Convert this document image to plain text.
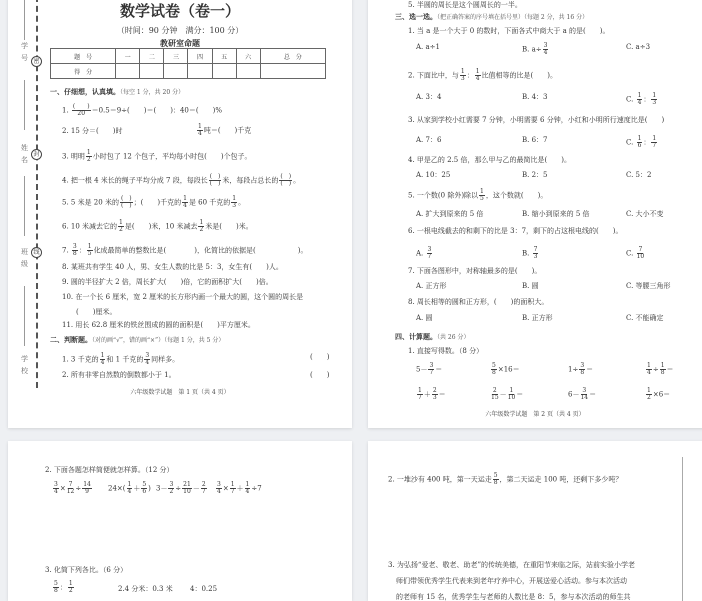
数学试卷（卷一）
（时间：90 分钟　满分：100 分）
教研室命题
学号
姓名
班级
学校
密
封
线
题　号	一	二	三	四	五	六	总　分
得　分							
一、仔细想，认真填。（每空 1 分，共 20 分）
1. $\frac{( )}{20} =0.5=9\div$(　　)＝(　　)：40＝(　　)%
2. 15 分＝(　　)时	$\frac{1}{4}$ 吨＝(　　)千克
3. 明明 $\frac{1}{2}$ 小时包了 12 个包子，平均每小时包(　　)个包子。
4. 把一根 4 米长的绳子平均分成 7 段，每段长 $\frac{( )}{( )}$ 米，每段占总长的 $\frac{( )}{( )}$ 。
5. 5 米是 20 米的 $\frac{( )}{( )}$ ；(　　)千克的 $\frac{1}{4}$ 是 60 千克的 $\frac{1}{3}$ 。
6. 10 米减去它的 $\frac{1}{2}$ 是(　　)米，10 米减去 $\frac{1}{2}$ 米是(　　)米。
7. $\frac{3}{8}$ ： $\frac{1}{5}$ 化成最简单的整数比是(　　　　)，化简比的依据是(　　　　　　)。
8. 某班共有学生 40 人，男、女生人数的比是 5：3，女生有(　　)人。
9. 圆的半径扩大 2 倍，周长扩大(　　)倍，它的面积扩大(　　)倍。
10. 在一个长 6 厘米，宽 2 厘米的长方形内画一个最大的圆，这个圆的周长是
(　　)厘米。
11. 用长 62.8 厘米的铁丝围成的圆的面积是(　　)平方厘米。
二、判断题。（对的画“√”，错的画“×”）（每题 1 分，共 5 分）
1. 3 千克的 $\frac{1}{4}$ 和 1 千克的 $\frac{3}{4}$ 同样多。	(　　)
2. 所有非零自然数的倒数都小于 1。	(　　)
六年级数学试题　第 1 页（共 4 页）
5. 半圆的周长是这个圆周长的一半。
三、选一选。（把正确答案的序号填在括号里）（每题 2 分，共 16 分）
1. 当 a 是一个大于 0 的数时，下面各式中商大于 a 的是(　　)。
A. a÷1	B. $a\div \frac{3}{4}$	C. a÷3
2. 下面比中，与 $\frac{1}{3}$ ： $\frac{1}{4}$ 比值相等的比是(　　)。
A. 3：4	B. 4：3	C. $\frac{1}{4}$ ： $\frac{1}{3}$
3. 从家到学校小红需要 7 分钟，小明需要 6 分钟，小红和小明所行速度比是(　　)
A. 7：6	B. 6：7	C. $\frac{1}{6}$ ： $\frac{1}{7}$
4. 甲是乙的 2.5 倍，那么甲与乙的最简比是(　　)。
A. 10：25	B. 2：5	C. 5：2
5. 一个数(0 除外)除以 $\frac{1}{5}$ ，这个数就(　　)。
A. 扩大到原来的 5 倍	B. 缩小到原来的 5 倍	C. 大小不变
6. 一根电线截去的和剩下的比是 3：7，剩下的占这根电线的(　　)。
A. $\frac{3}{7}$	B. $\frac{7}{3}$	C. $\frac{7}{10}$
7. 下面各图形中，对称轴最多的是(　　)。
A. 正方形	B. 圆	C. 等腰三角形
8. 周长相等的圆和正方形，(　　)的面积大。
A. 圆	B. 正方形	C. 不能确定
四、计算题。（共 26 分）
1. 直接写得数。（8 分）
$5- \frac{3}{7}$ ＝	$\frac{5}{8} \times 16=$	$1\div \frac{3}{8}$ ＝	$\frac{1}{4} \div \frac{1}{8}$ ＝
$\frac{1}{7} + \frac{2}{3}$ ＝	$\frac{2}{15} - \frac{1}{10}$ ＝	$6- \frac{3}{14}$ ＝	$\frac{1}{2} \times 6=$
六年级数学试题　第 2 页（共 4 页）
2. 下面各题怎样简便就怎样算。（12 分）
$\frac{3}{4} \times \frac{7}{12} \div \frac{14}{9} 24\times( \frac{1}{4} + \frac{5}{6}$ ) $3- \frac{3}{2} \div \frac{21}{10} - \frac{2}{7} \frac{3}{4} \times \frac{1}{7} + \frac{1}{4} \div 7$
3. 化简下列各比。（6 分）
$\frac{5}{8}$ ： $\frac{1}{2}$	2.4 分米：0.3 米 4：0.25
2. 一堆沙有 400 吨，第一天运走 $\frac{5}{8}$ ，第二天运走 100 吨，还剩下多少吨？
3. 为弘扬“爱老、敬老、助老”的传统美德，在重阳节来临之际，站前实验小学老
师们带领优秀学生代表来到老年疗养中心，开展送爱心活动。参与本次活动
的老师有 15 名，优秀学生与老师的人数比是 8：5，参与本次活动的师生共
